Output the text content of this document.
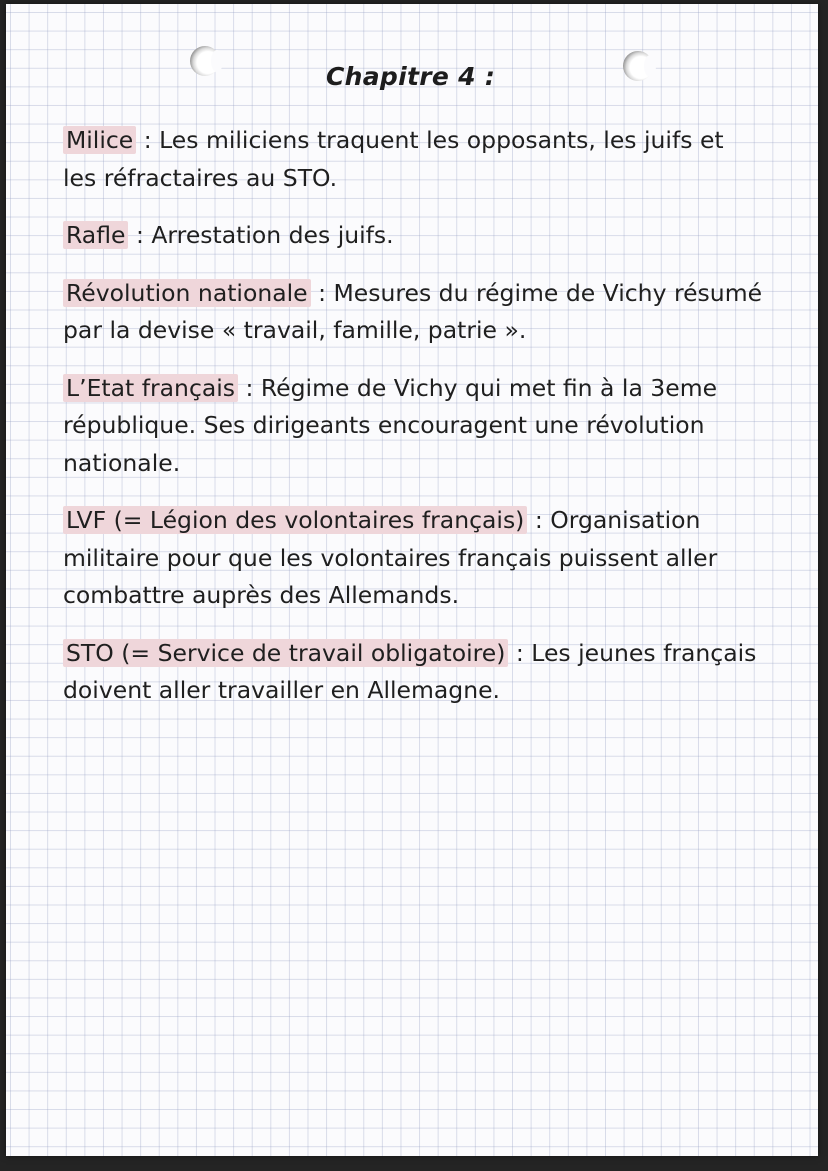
Chapitre 4 :

Milice : Les miliciens traquent les opposants, les juifs et les réfractaires au STO.

Rafle : Arrestation des juifs.

Révolution nationale : Mesures du régime de Vichy résumé par la devise « travail, famille, patrie ».

L’Etat français : Régime de Vichy qui met fin à la 3eme république. Ses dirigeants encouragent une révolution nationale.

LVF (= Légion des volontaires français) : Organisation militaire pour que les volontaires français puissent aller combattre auprès des Allemands.

STO (= Service de travail obligatoire) : Les jeunes français doivent aller travailler en Allemagne.
